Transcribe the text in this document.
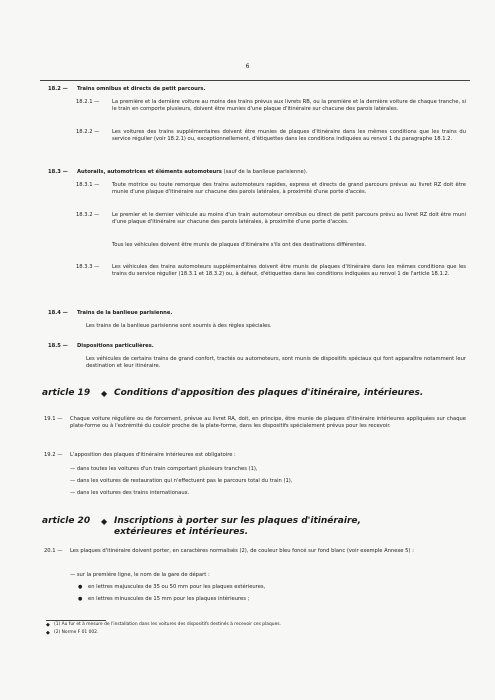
6
18.2 — Trains omnibus et directs de petit parcours.
18.2.1 — La première et la dernière voiture au moins des trains prévus aux livrets RB, ou la première et la dernière voiture de chaque tranche, si le train en comporte plusieurs, doivent être munies d'une plaque d'itinéraire sur chacune des parois latérales.

18.2.2 — Les voitures des trains supplémentaires doivent être munies de plaques d'itinéraire dans les mêmes conditions que les trains du service régulier (voir 18.2.1) ou, exceptionnellement, d'étiquettes dans les conditions indiquées au renvoi 1 du paragraphe 18.1.2.

18.3 — Autorails, automotrices et éléments automoteurs (sauf de la banlieue parisienne).
18.3.1 — Toute motrice ou toute remorque des trains automoteurs rapides, express et directs de grand parcours prévus au livret RZ doit être munie d'une plaque d'itinéraire sur chacune des parois latérales, à proximité d'une porte d'accès.

18.3.2 — Le premier et le dernier véhicule au moins d'un train automoteur omnibus ou direct de petit parcours prévu au livret RZ doit être muni d'une plaque d'itinéraire sur chacune des parois latérales, à proximité d'une porte d'accès.

Tous les véhicules doivent être munis de plaques d'itinéraire s'ils ont des destinations différentes.

18.3.3 — Les véhicules des trains automoteurs supplémentaires doivent être munis de plaques d'itinéraire dans les mêmes conditions que les trains du service régulier (18.3.1 et 18.3.2) ou, à défaut, d'étiquettes dans les conditions indiquées au renvoi 1 de l'article 18.1.2.

18.4 — Trains de la banlieue parisienne.

Les trains de la banlieue parisienne sont soumis à des règles spéciales.

18.5 — Dispositions particulières.

Les véhicules de certains trains de grand confort, tractés ou automoteurs, sont munis de dispositifs spéciaux qui font apparaître notamment leur destination et leur itinéraire.

article 19 ◆ Conditions d'apposition des plaques d'itinéraire, intérieures.
19.1 — Chaque voiture régulière ou de forcement, prévue au livret RA, doit, en principe, être munie de plaques d'itinéraire intérieures appliquées sur chaque plate-forme ou à l'extrémité du couloir proche de la plate-forme, dans les dispositifs spécialement prévus pour les recevoir.

19.2 — L'apposition des plaques d'itinéraire intérieures est obligatoire :

— dans toutes les voitures d'un train comportant plusieurs tranches (1),
— dans les voitures de restauration qui n'effectuent pas le parcours total du train (1),
— dans les voitures des trains internationaux.
article 20 ◆ Inscriptions à porter sur les plaques d'itinéraire, extérieures et intérieures.
20.1 — Les plaques d'itinéraire doivent porter, en caractères normalisés (2), de couleur bleu foncé sur fond blanc (voir exemple Annexe 5) :

— sur la première ligne, le nom de la gare de départ :
● en lettres majuscules de 35 ou 50 mm pour les plaques extérieures,
● en lettres minuscules de 15 mm pour les plaques intérieures ;
◆ (1) Au fur et à mesure de l'installation dans les voitures des dispositifs destinés à recevoir ces plaques.
◆ (2) Norme F 01 002.
